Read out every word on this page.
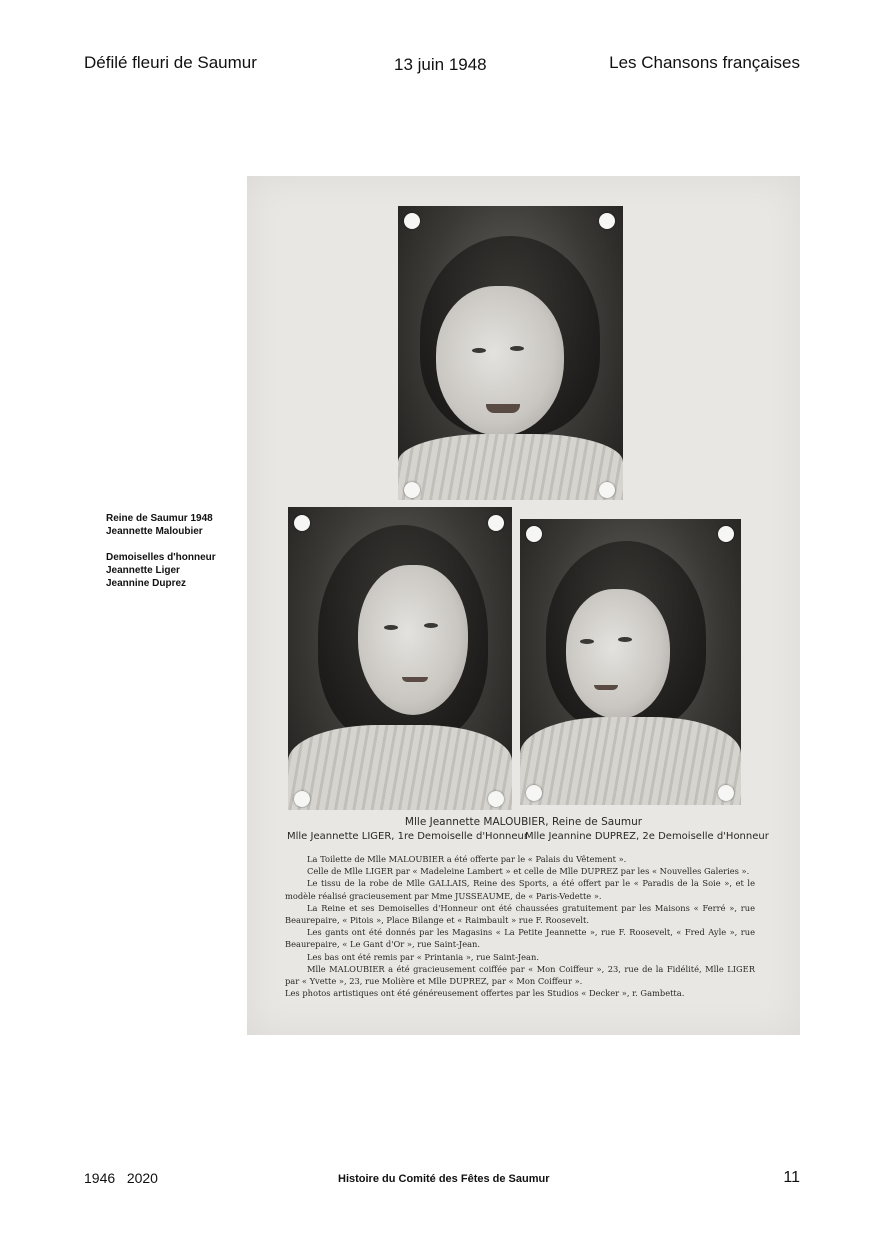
Défilé fleuri de Saumur	13 juin 1948	Les Chansons françaises
Reine de Saumur 1948
Jeannette Maloubier
Demoiselles d'honneur
Jeannette Liger
Jeannine Duprez
Mlle Jeannette MALOUBIER, Reine de Saumur
Mlle Jeannette LIGER, 1re Demoiselle d'Honneur
Mlle Jeannine DUPREZ, 2e Demoiselle d'Honneur

La Toilette de Mlle MALOUBIER a été offerte par le « Palais du Vêtement ».

Celle de Mlle LIGER par « Madeleine Lambert » et celle de Mlle DUPREZ par les « Nouvelles Galeries ».

Le tissu de la robe de Mlle GALLAIS, Reine des Sports, a été offert par le « Paradis de la Soie », et le modèle réalisé gracieusement par Mme JUSSEAUME, de « Paris-Vedette ».

La Reine et ses Demoiselles d'Honneur ont été chaussées gratuitement par les Maisons « Ferré », rue Beaurepaire, « Pitois », Place Bilange et « Raimbault » rue F. Roosevelt.

Les gants ont été donnés par les Magasins « La Petite Jeannette », rue F. Roosevelt, « Fred Ayle », rue Beaurepaire, « Le Gant d'Or », rue Saint-Jean.

Les bas ont été remis par « Printania », rue Saint-Jean.

Mlle MALOUBIER a été gracieusement coiffée par « Mon Coiffeur », 23, rue de la Fidélité, Mlle LIGER par « Yvette », 23, rue Molière et Mlle DUPREZ, par « Mon Coiffeur ».

Les photos artistiques ont été généreusement offertes par les Studios « Decker », r. Gambetta.

1946   2020	Histoire du Comité des Fêtes de Saumur	11
